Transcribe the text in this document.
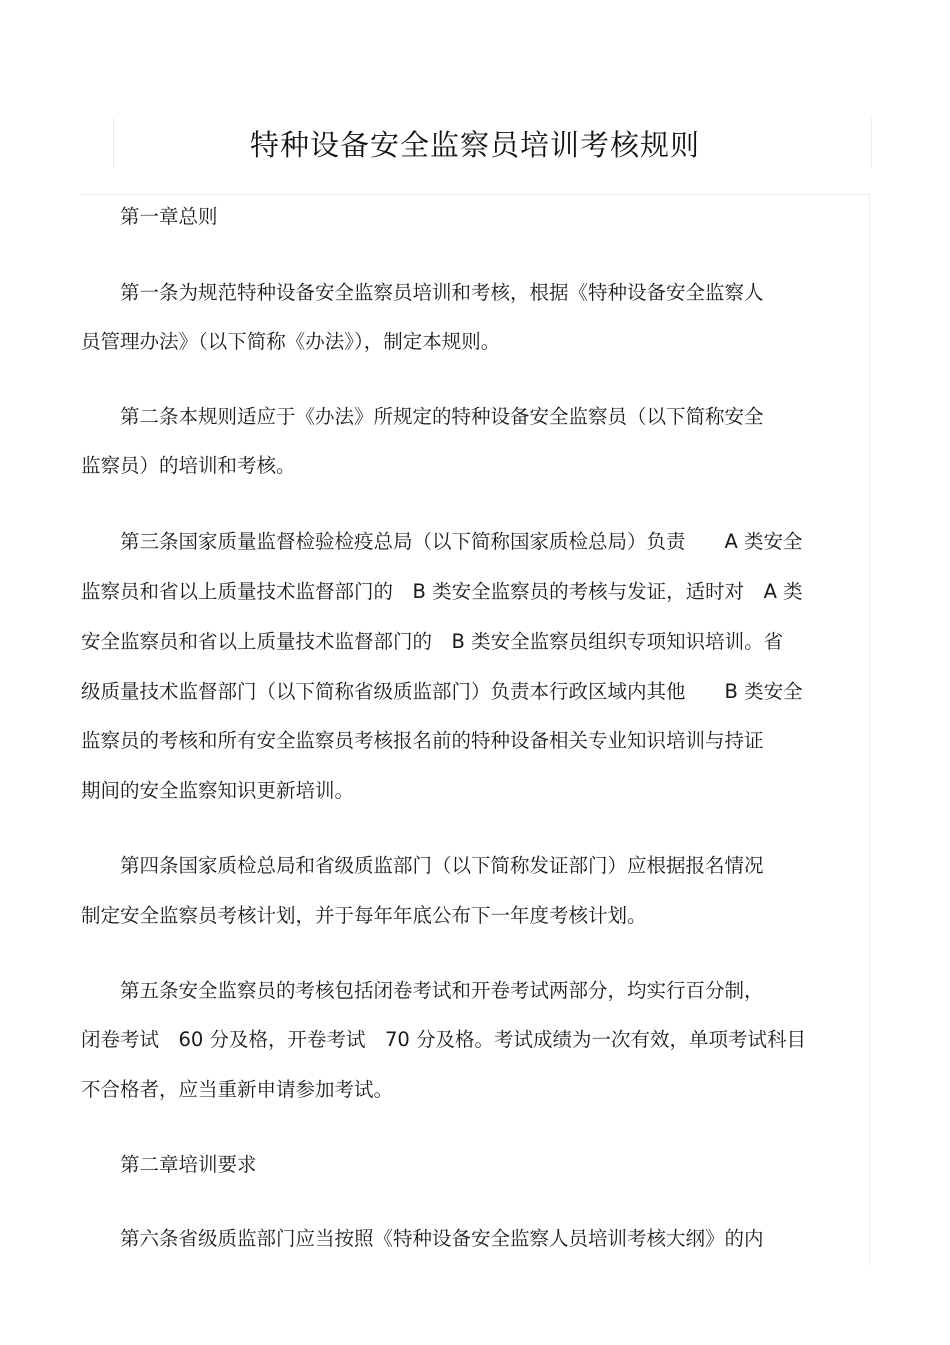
特种设备安全监察员培训考核规则
第一章总则
第一条为规范特种设备安全监察员培训和考核，根据《特种设备安全监察人
员管理办法》（以下简称《办法》），制定本规则。
第二条本规则适应于《办法》所规定的特种设备安全监察员（以下简称安全
监察员）的培训和考核。
第三条国家质量监督检验检疫总局（以下简称国家质检总局）负责　　A 类安全
监察员和省以上质量技术监督部门的　B 类安全监察员的考核与发证，适时对　A 类
安全监察员和省以上质量技术监督部门的　B 类安全监察员组织专项知识培训。省
级质量技术监督部门（以下简称省级质监部门）负责本行政区域内其他　　B 类安全
监察员的考核和所有安全监察员考核报名前的特种设备相关专业知识培训与持证
期间的安全监察知识更新培训。
第四条国家质检总局和省级质监部门（以下简称发证部门）应根据报名情况
制定安全监察员考核计划，并于每年年底公布下一年度考核计划。
第五条安全监察员的考核包括闭卷考试和开卷考试两部分，均实行百分制，
闭卷考试　60 分及格，开卷考试　70 分及格。考试成绩为一次有效，单项考试科目
不合格者，应当重新申请参加考试。
第二章培训要求
第六条省级质监部门应当按照《特种设备安全监察人员培训考核大纲》的内
